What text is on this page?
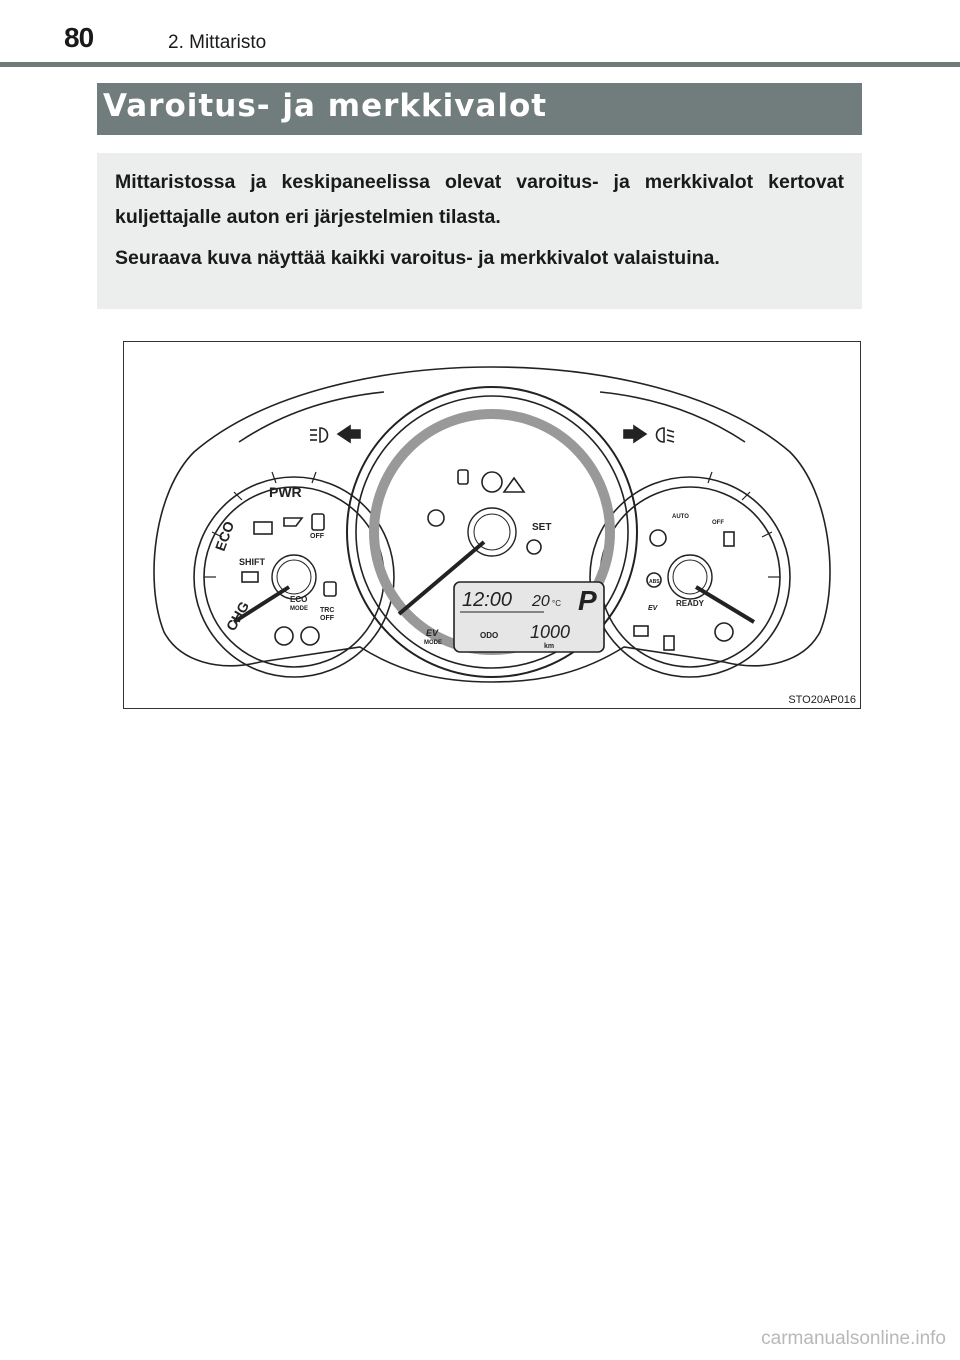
80	2. Mittaristo
Varoitus- ja merkkivalot

Mittaristossa ja keskipaneelissa olevat varoitus- ja merkkivalot kertovat kuljettajalle auton eri järjestelmien tilasta.

Seuraava kuva näyttää kaikki varoitus- ja merkkivalot valaistuina.

PWR
ECO
CHG
OFF
SHIFT
ECO
MODE TRC
OFF
SET
12:00 20 °C P
ODO 1000
km
EV
MODE
AUTO
OFF
ABS
EV
READY
STO20AP016
carmanualsonline.info
